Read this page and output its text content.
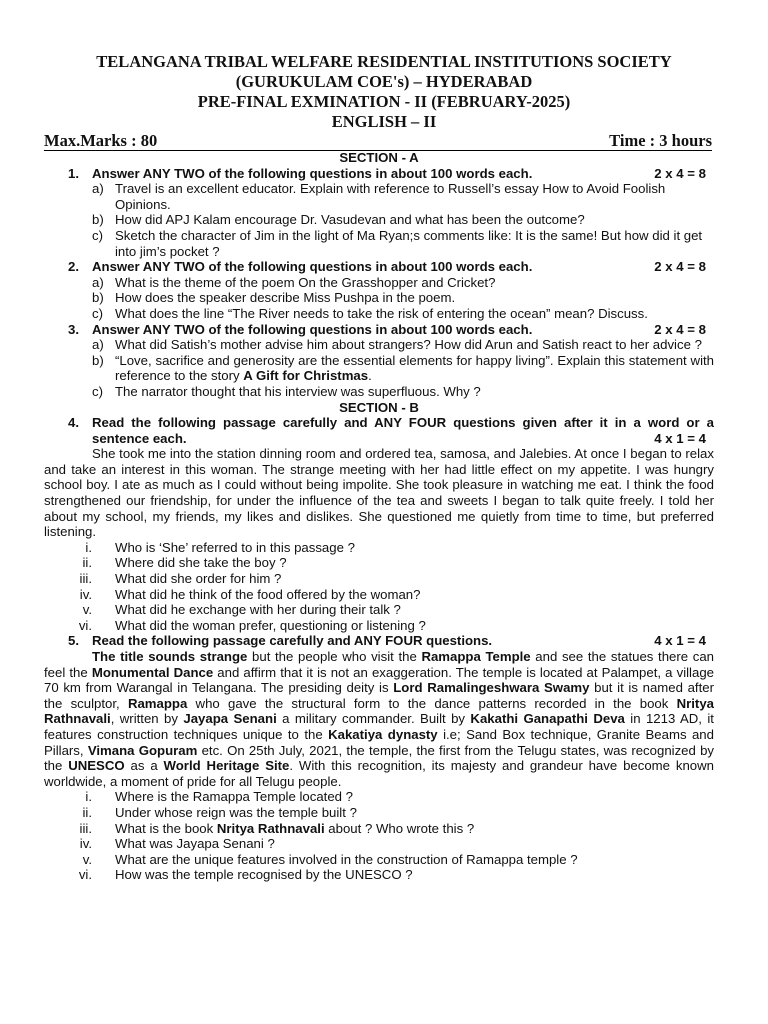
TELANGANA TRIBAL WELFARE RESIDENTIAL INSTITUTIONS SOCIETY
(GURUKULAM COE's) – HYDERABAD
PRE-FINAL EXMINATION - II (FEBRUARY-2025)
ENGLISH – II
Max.Marks : 80	Time : 3 hours
SECTION - A
1. Answer ANY TWO of the following questions in about 100 words each.	2 x 4 = 8
a) Travel is an excellent educator. Explain with reference to Russell’s essay How to Avoid Foolish Opinions.
b) How did APJ Kalam encourage Dr. Vasudevan and what has been the outcome?
c) Sketch the character of Jim in the light of Ma Ryan;s comments like: It is the same! But how did it get into jim’s pocket ?
2. Answer ANY TWO of the following questions in about 100 words each.	2 x 4 = 8
a) What is the theme of the poem On the Grasshopper and Cricket?
b) How does the speaker describe Miss Pushpa in the poem.
c) What does the line “The River needs to take the risk of entering the ocean” mean? Discuss.
3. Answer ANY TWO of the following questions in about 100 words each.	2 x 4 = 8
a) What did Satish’s mother advise him about strangers? How did Arun and Satish react to her advice ?
b) “Love, sacrifice and generosity are the essential elements for happy living”. Explain this statement with reference to the story A Gift for Christmas.
c) The narrator thought that his interview was superfluous. Why ?
SECTION - B
4. Read the following passage carefully and ANY FOUR questions given after it in a word or a sentence each.	4 x 1 = 4
She took me into the station dinning room and ordered tea, samosa, and Jalebies. At once I began to relax and take an interest in this woman. The strange meeting with her had little effect on my appetite. I was hungry school boy. I ate as much as I could without being impolite. She took pleasure in watching me eat. I think the food strengthened our friendship, for under the influence of the tea and sweets I began to talk quite freely. I told her about my school, my friends, my likes and dislikes. She questioned me quietly from time to time, but preferred listening.
i. Who is ‘She’ referred to in this passage ?
ii. Where did she take the boy ?
iii. What did she order for him ?
iv. What did he think of the food offered by the woman?
v. What did he exchange with her during their talk ?
vi. What did the woman prefer, questioning or listening ?
5. Read the following passage carefully and ANY FOUR questions.	4 x 1 = 4
The title sounds strange but the people who visit the Ramappa Temple and see the statues there can feel the Monumental Dance and affirm that it is not an exaggeration. The temple is located at Palampet, a village 70 km from Warangal in Telangana. The presiding deity is Lord Ramalingeshwara Swamy but it is named after the sculptor, Ramappa who gave the structural form to the dance patterns recorded in the book Nritya Rathnavali, written by Jayapa Senani a military commander. Built by Kakathi Ganapathi Deva in 1213 AD, it features construction techniques unique to the Kakatiya dynasty i.e; Sand Box technique, Granite Beams and Pillars, Vimana Gopuram etc. On 25th July, 2021, the temple, the first from the Telugu states, was recognized by the UNESCO as a World Heritage Site. With this recognition, its majesty and grandeur have become known worldwide, a moment of pride for all Telugu people.
i. Where is the Ramappa Temple located ?
ii. Under whose reign was the temple built ?
iii. What is the book Nritya Rathnavali about ? Who wrote this ?
iv. What was Jayapa Senani ?
v. What are the unique features involved in the construction of Ramappa temple ?
vi. How was the temple recognised by the UNESCO ?
